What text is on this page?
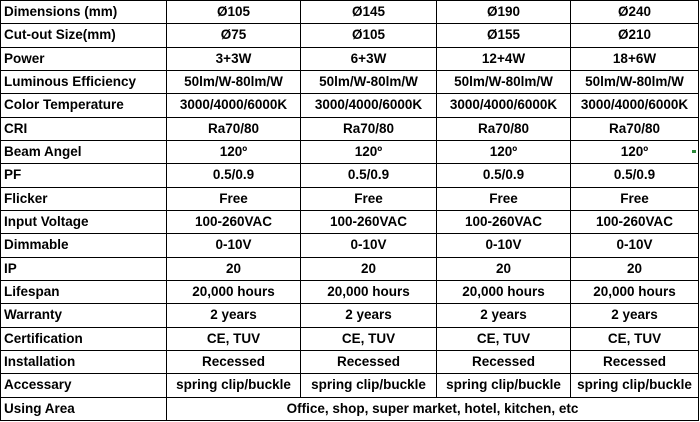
Dimensions (mm)	Ø105	Ø145	Ø190	Ø240
Cut-out Size(mm)	Ø75	Ø105	Ø155	Ø210
Power	3+3W	6+3W	12+4W	18+6W
Luminous Efficiency	50lm/W-80lm/W	50lm/W-80lm/W	50lm/W-80lm/W	50lm/W-80lm/W
Color Temperature	3000/4000/6000K	3000/4000/6000K	3000/4000/6000K	3000/4000/6000K
CRI	Ra70/80	Ra70/80	Ra70/80	Ra70/80
Beam Angel	120º	120º	120º	120º
PF	0.5/0.9	0.5/0.9	0.5/0.9	0.5/0.9
Flicker	Free	Free	Free	Free
Input Voltage	100-260VAC	100-260VAC	100-260VAC	100-260VAC
Dimmable	0-10V	0-10V	0-10V	0-10V
IP	20	20	20	20
Lifespan	20,000 hours	20,000 hours	20,000 hours	20,000 hours
Warranty	2 years	2 years	2 years	2 years
Certification	CE, TUV	CE, TUV	CE, TUV	CE, TUV
Installation	Recessed	Recessed	Recessed	Recessed
Accessary	spring clip/buckle	spring clip/buckle	spring clip/buckle	spring clip/buckle
Using Area	Office, shop, super market, hotel, kitchen, etc			
